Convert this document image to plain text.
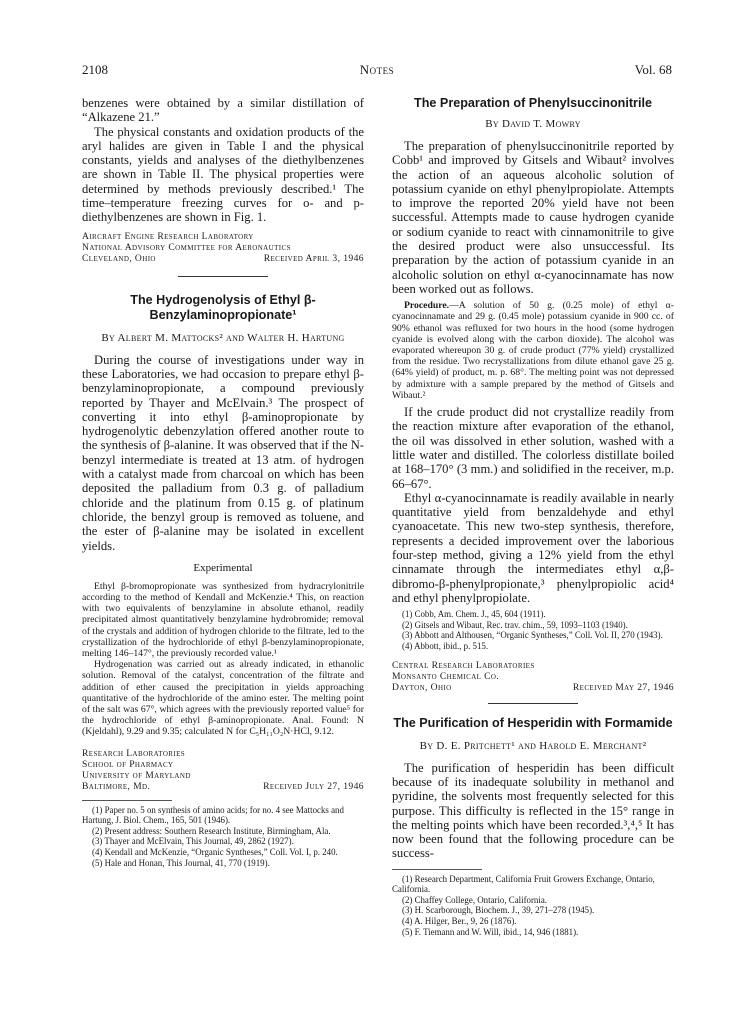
2108	Notes	Vol. 68

benzenes were obtained by a similar distillation of “Alkazene 21.”

The physical constants and oxidation products of the aryl halides are given in Table I and the physical constants, yields and analyses of the diethylbenzenes are shown in Table II. The physical properties were determined by methods previously described.¹ The time–temperature freezing curves for o- and p-diethylbenzenes are shown in Fig. 1.

Aircraft Engine Research Laboratory

National Advisory Committee for Aeronautics

Cleveland, Ohio	Received April 3, 1946

The Hydrogenolysis of Ethyl β-Benzylaminopropionate¹

By Albert M. Mattocks² and Walter H. Hartung

During the course of investigations under way in these Laboratories, we had occasion to prepare ethyl β-benzylaminopropionate, a compound previously reported by Thayer and McElvain.³ The prospect of converting it into ethyl β-aminopropionate by hydrogenolytic debenzylation offered another route to the synthesis of β-alanine. It was observed that if the N-benzyl intermediate is treated at 13 atm. of hydrogen with a catalyst made from charcoal on which has been deposited the palladium from 0.3 g. of palladium chloride and the platinum from 0.15 g. of platinum chloride, the benzyl group is removed as toluene, and the ester of β-alanine may be isolated in excellent yields.

Experimental

Ethyl β-bromopropionate was synthesized from hydracrylonitrile according to the method of Kendall and McKenzie.⁴ This, on reaction with two equivalents of benzylamine in absolute ethanol, readily precipitated almost quantitatively benzylamine hydrobromide; removal of the crystals and addition of hydrogen chloride to the filtrate, led to the crystallization of the hydrochloride of ethyl β-benzylaminopropionate, melting 146–147°, the previously recorded value.¹

Hydrogenation was carried out as already indicated, in ethanolic solution. Removal of the catalyst, concentration of the filtrate and addition of ether caused the precipitation in yields approaching quantitative of the hydrochloride of the amino ester. The melting point of the salt was 67°, which agrees with the previously reported value⁵ for the hydrochloride of ethyl β-aminopropionate. Anal. Found: N (Kjeldahl), 9.29 and 9.35; calculated N for C₅H₁₁O₂N·HCl, 9.12.

Research Laboratories

School of Pharmacy

University of Maryland

Baltimore, Md.	Received July 27, 1946

(1) Paper no. 5 on synthesis of amino acids; for no. 4 see Mattocks and Hartung, J. Biol. Chem., 165, 501 (1946).

(2) Present address: Southern Research Institute, Birmingham, Ala.

(3) Thayer and McElvain, This Journal, 49, 2862 (1927).

(4) Kendall and McKenzie, “Organic Syntheses,” Coll. Vol. I, p. 240.

(5) Hale and Honan, This Journal, 41, 770 (1919).

The Preparation of Phenylsuccinonitrile

By David T. Mowry

The preparation of phenylsuccinonitrile reported by Cobb¹ and improved by Gitsels and Wibaut² involves the action of an aqueous alcoholic solution of potassium cyanide on ethyl phenylpropiolate. Attempts to improve the reported 20% yield have not been successful. Attempts made to cause hydrogen cyanide or sodium cyanide to react with cinnamonitrile to give the desired product were also unsuccessful. Its preparation by the action of potassium cyanide in an alcoholic solution on ethyl α-cyanocinnamate has now been worked out as follows.

Procedure.—A solution of 50 g. (0.25 mole) of ethyl α-cyanocinnamate and 29 g. (0.45 mole) potassium cyanide in 900 cc. of 90% ethanol was refluxed for two hours in the hood (some hydrogen cyanide is evolved along with the carbon dioxide). The alcohol was evaporated whereupon 30 g. of crude product (77% yield) crystallized from the residue. Two recrystallizations from dilute ethanol gave 25 g. (64% yield) of product, m. p. 68°. The melting point was not depressed by admixture with a sample prepared by the method of Gitsels and Wibaut.²

If the crude product did not crystallize readily from the reaction mixture after evaporation of the ethanol, the oil was dissolved in ether solution, washed with a little water and distilled. The colorless distillate boiled at 168–170° (3 mm.) and solidified in the receiver, m.p. 66–67°.

Ethyl α-cyanocinnamate is readily available in nearly quantitative yield from benzaldehyde and ethyl cyanoacetate. This new two-step synthesis, therefore, represents a decided improvement over the laborious four-step method, giving a 12% yield from the ethyl cinnamate through the intermediates ethyl α,β-dibromo-β-phenylpropionate,³ phenylpropiolic acid⁴ and ethyl phenylpropiolate.

(1) Cobb, Am. Chem. J., 45, 604 (1911).

(2) Gitsels and Wibaut, Rec. trav. chim., 59, 1093–1103 (1940).

(3) Abbott and Althousen, “Organic Syntheses,” Coll. Vol. II, 270 (1943).

(4) Abbott, ibid., p. 515.

Central Research Laboratories

Monsanto Chemical Co.

Dayton, Ohio	Received May 27, 1946

The Purification of Hesperidin with Formamide

By D. E. Pritchett¹ and Harold E. Merchant²

The purification of hesperidin has been difficult because of its inadequate solubility in methanol and pyridine, the solvents most frequently selected for this purpose. This difficulty is reflected in the 15° range in the melting points which have been recorded.³,⁴,⁵ It has now been found that the following procedure can be success-

(1) Research Department, California Fruit Growers Exchange, Ontario, California.

(2) Chaffey College, Ontario, California.

(3) H. Scarborough, Biochem. J., 39, 271–278 (1945).

(4) A. Hilger, Ber., 9, 26 (1876).

(5) F. Tiemann and W. Will, ibid., 14, 946 (1881).
